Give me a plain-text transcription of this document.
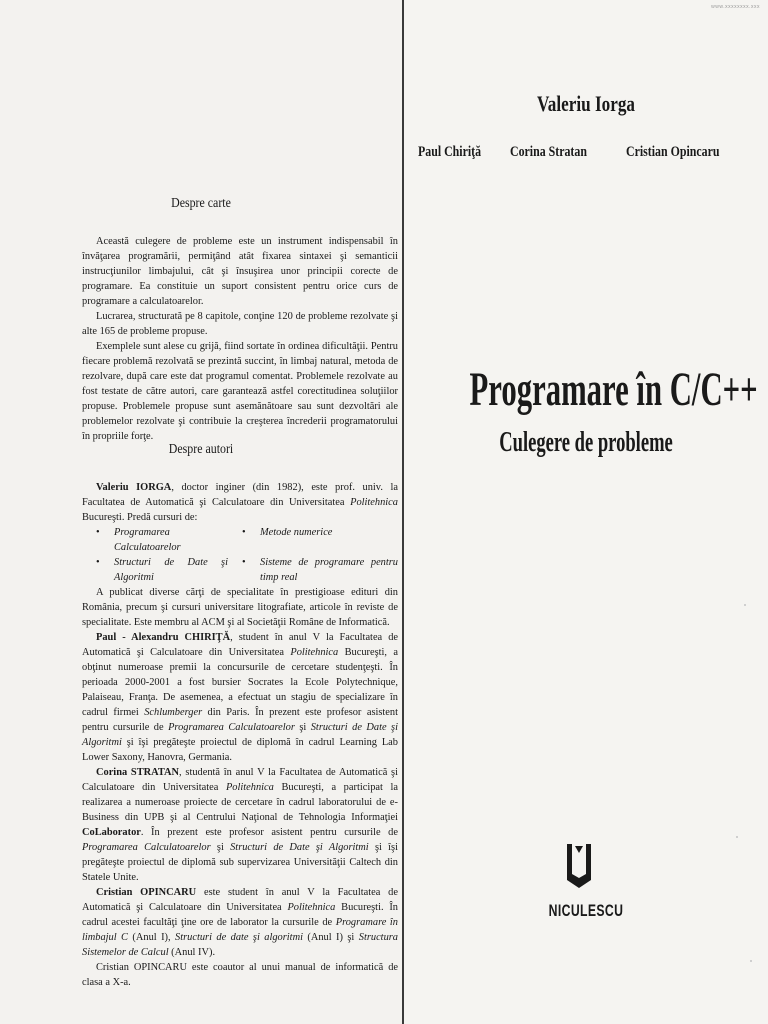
www.xxxxxxxx.xxx
Despre carte

Această culegere de probleme este un instrument indispensabil în învăţarea programării, permiţând atât fixarea sintaxei şi semanticii instrucţiunilor limbajului, cât şi însuşirea unor principii corecte de programare. Ea constituie un suport consistent pentru orice curs de programare a calculatoarelor.

Lucrarea, structurată pe 8 capitole, conţine 120 de probleme rezolvate şi alte 165 de probleme propuse.

Exemplele sunt alese cu grijă, fiind sortate în ordinea dificultăţii. Pentru fiecare problemă rezolvată se prezintă succint, în limbaj natural, metoda de rezolvare, după care este dat programul comentat. Problemele rezolvate au fost testate de către autori, care garantează astfel corectitudinea soluţiilor propuse. Problemele propuse sunt asemănătoare sau sunt dezvoltări ale problemelor rezolvate şi contribuie la creşterea încrederii programatorului în propriile forţe.

Despre autori

Valeriu IORGA, doctor inginer (din 1982), este prof. univ. la Facultatea de Automatică şi Calculatoare din Universitatea Politehnica Bucureşti. Predă cursuri de:

• Programarea Calculatoarelor
• Metode numerice
• Structuri de Date şi Algoritmi
• Sisteme de programare pentru timp real

A publicat diverse cărţi de specialitate în prestigioase edituri din România, precum şi cursuri universitare litografiate, articole în reviste de specialitate. Este membru al ACM şi al Societăţii Române de Informatică.

Paul - Alexandru CHIRIŢĂ, student în anul V la Facultatea de Automatică şi Calculatoare din Universitatea Politehnica Bucureşti, a obţinut numeroase premii la concursurile de cercetare studenţeşti. În perioada 2000-2001 a fost bursier Socrates la Ecole Polytechnique, Palaiseau, Franţa. De asemenea, a efectuat un stagiu de specializare în cadrul firmei Schlumberger din Paris. În prezent este profesor asistent pentru cursurile de Programarea Calculatoarelor şi Structuri de Date şi Algoritmi şi îşi pregăteşte proiectul de diplomă în cadrul Learning Lab Lower Saxony, Hanovra, Germania.

Corina STRATAN, studentă în anul V la Facultatea de Automatică şi Calculatoare din Universitatea Politehnica Bucureşti, a participat la realizarea a numeroase proiecte de cercetare în cadrul laboratorului de e-Business din UPB şi al Centrului Naţional de Tehnologia Informaţiei CoLaborator. În prezent este profesor asistent pentru cursurile de Programarea Calculatoarelor şi Structuri de Date şi Algoritmi şi îşi pregăteşte proiectul de diplomă sub supervizarea Universităţii Caltech din Statele Unite.

Cristian OPINCARU este student în anul V la Facultatea de Automatică şi Calculatoare din Universitatea Politehnica Bucureşti. În cadrul acestei facultăţi ţine ore de laborator la cursurile de Programare în limbajul C (Anul I), Structuri de date şi algoritmi (Anul I) şi Structura Sistemelor de Calcul (Anul IV).

Cristian OPINCARU este coautor al unui manual de informatică de clasa a X-a.

Valeriu Iorga
Paul Chiriţă Corina Stratan	Cristian Opincaru
Programare în C/C++
Culegere de probleme
NICULESCU
